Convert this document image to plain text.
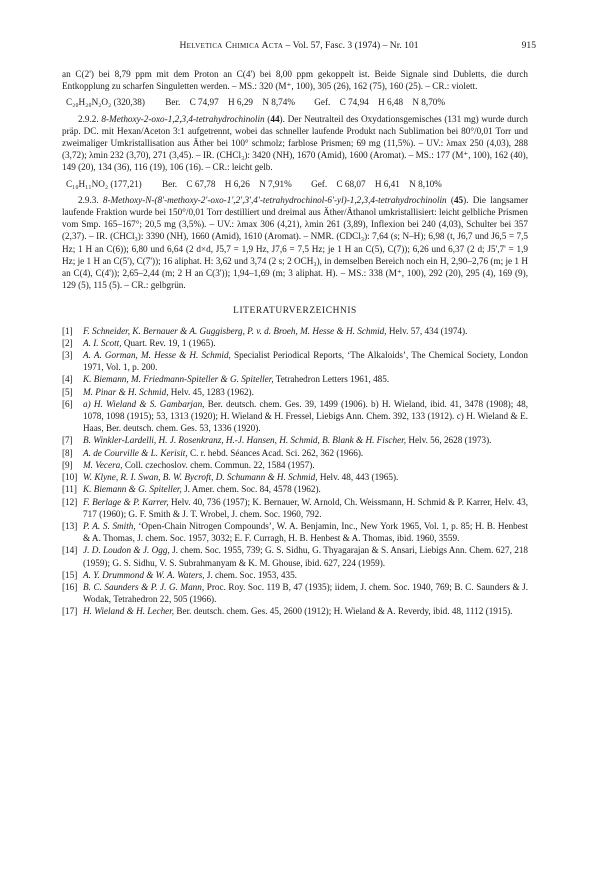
Helvetica Chimica Acta – Vol. 57, Fasc. 3 (1974) – Nr. 101	915

an C(2') bei 8,79 ppm mit dem Proton an C(4') bei 8,00 ppm gekoppelt ist. Beide Signale sind Dubletts, die durch Entkopplung zu scharfen Singuletten werden. – MS.: 320 (M⁺, 100), 305 (26), 162 (75), 160 (25). – CR.: violett.

C₂₀H₂₀N₂O₂ (320,38) Ber. C 74,97 H 6,29 N 8,74% Gef. C 74,94 H 6,48 N 8,70%

2.9.2. 8-Methoxy-2-oxo-1,2,3,4-tetrahydrochinolin (44). Der Neutralteil des Oxydationsgemisches (131 mg) wurde durch präp. DC. mit Hexan/Aceton 3:1 aufgetrennt, wobei das schneller laufende Produkt nach Sublimation bei 80°/0,01 Torr und zweimaliger Umkristallisation aus Äther bei 100° schmolz; farblose Prismen; 69 mg (11,5%). – UV.: λmax 250 (4,03), 288 (3,72); λmin 232 (3,70), 271 (3,45). – IR. (CHCl₃): 3420 (NH), 1670 (Amid), 1600 (Aromat). – MS.: 177 (M⁺, 100), 162 (40), 149 (20), 134 (36), 116 (19), 106 (16). – CR.: leicht gelb.

C₁₀H₁₁NO₂ (177,21) Ber. C 67,78 H 6,26 N 7,91% Gef. C 68,07 H 6,41 N 8,10%

2.9.3. 8-Methoxy-N-(8'-methoxy-2'-oxo-1',2',3',4'-tetrahydrochinol-6'-yl)-1,2,3,4-tetrahydrochinolin (45). Die langsamer laufende Fraktion wurde bei 150°/0,01 Torr destilliert und dreimal aus Äther/Äthanol umkristallisiert: leicht gelbliche Prismen vom Smp. 165–167°; 20,5 mg (3,5%). – UV.: λmax 306 (4,21), λmin 261 (3,89), Inflexion bei 240 (4,03), Schulter bei 357 (2,37). – IR. (CHCl₃): 3390 (NH), 1660 (Amid), 1610 (Aromat). – NMR. (CDCl₃): 7,64 (s; N–H); 6,98 (t, J6,7 und J6,5 = 7,5 Hz; 1 H an C(6)); 6,80 und 6,64 (2 d×d, J5,7 = 1,9 Hz, J7,6 = 7,5 Hz; je 1 H an C(5), C(7)); 6,26 und 6,37 (2 d; J5',7' = 1,9 Hz; je 1 H an C(5'), C(7')); 16 aliphat. H: 3,62 und 3,74 (2 s; 2 OCH₃), in demselben Bereich noch ein H, 2,90–2,76 (m; je 1 H an C(4), C(4')); 2,65–2,44 (m; 2 H an C(3')); 1,94–1,69 (m; 3 aliphat. H). – MS.: 338 (M⁺, 100), 292 (20), 295 (4), 169 (9), 129 (5), 115 (5). – CR.: gelbgrün.

LITERATURVERZEICHNIS

[1] F. Schneider, K. Bernauer & A. Guggisberg, P. v. d. Broeh, M. Hesse & H. Schmid, Helv. 57, 434 (1974).
[2] A. I. Scott, Quart. Rev. 19, 1 (1965).
[3] A. A. Gorman, M. Hesse & H. Schmid, Specialist Periodical Reports, ‘The Alkaloids’, The Chemical Society, London 1971, Vol. 1, p. 200.
[4] K. Biemann, M. Friedmann-Spiteller & G. Spiteller, Tetrahedron Letters 1961, 485.
[5] M. Pinar & H. Schmid, Helv. 45, 1283 (1962).
[6] a) H. Wieland & S. Gambarjan, Ber. deutsch. chem. Ges. 39, 1499 (1906). b) H. Wieland, ibid. 41, 3478 (1908); 48, 1078, 1098 (1915); 53, 1313 (1920); H. Wieland & H. Fressel, Liebigs Ann. Chem. 392, 133 (1912). c) H. Wieland & E. Haas, Ber. deutsch. chem. Ges. 53, 1336 (1920).
[7] B. Winkler-Lardelli, H. J. Rosenkranz, H.-J. Hansen, H. Schmid, B. Blank & H. Fischer, Helv. 56, 2628 (1973).
[8] A. de Courville & L. Kerisit, C. r. hebd. Séances Acad. Sci. 262, 362 (1966).
[9] M. Vecera, Coll. czechoslov. chem. Commun. 22, 1584 (1957).
[10] W. Klyne, R. I. Swan, B. W. Bycroft, D. Schumann & H. Schmid, Helv. 48, 443 (1965).
[11] K. Biemann & G. Spiteller, J. Amer. chem. Soc. 84, 4578 (1962).
[12] F. Berlage & P. Karrer, Helv. 40, 736 (1957); K. Bernauer, W. Arnold, Ch. Weissmann, H. Schmid & P. Karrer, Helv. 43, 717 (1960); G. F. Smith & J. T. Wrobel, J. chem. Soc. 1960, 792.
[13] P. A. S. Smith, ‘Open-Chain Nitrogen Compounds’, W. A. Benjamin, Inc., New York 1965, Vol. 1, p. 85; H. B. Henbest & A. Thomas, J. chem. Soc. 1957, 3032; E. F. Curragh, H. B. Henbest & A. Thomas, ibid. 1960, 3559.
[14] J. D. Loudon & J. Ogg, J. chem. Soc. 1955, 739; G. S. Sidhu, G. Thyagarajan & S. Ansari, Liebigs Ann. Chem. 627, 218 (1959); G. S. Sidhu, V. S. Subrahmanyam & K. M. Ghouse, ibid. 627, 224 (1959).
[15] A. Y. Drummond & W. A. Waters, J. chem. Soc. 1953, 435.
[16] B. C. Saunders & P. J. G. Mann, Proc. Roy. Soc. 119 B, 47 (1935); iidem, J. chem. Soc. 1940, 769; B. C. Saunders & J. Wodak, Tetrahedron 22, 505 (1966).
[17] H. Wieland & H. Lecher, Ber. deutsch. chem. Ges. 45, 2600 (1912); H. Wieland & A. Reverdy, ibid. 48, 1112 (1915).
